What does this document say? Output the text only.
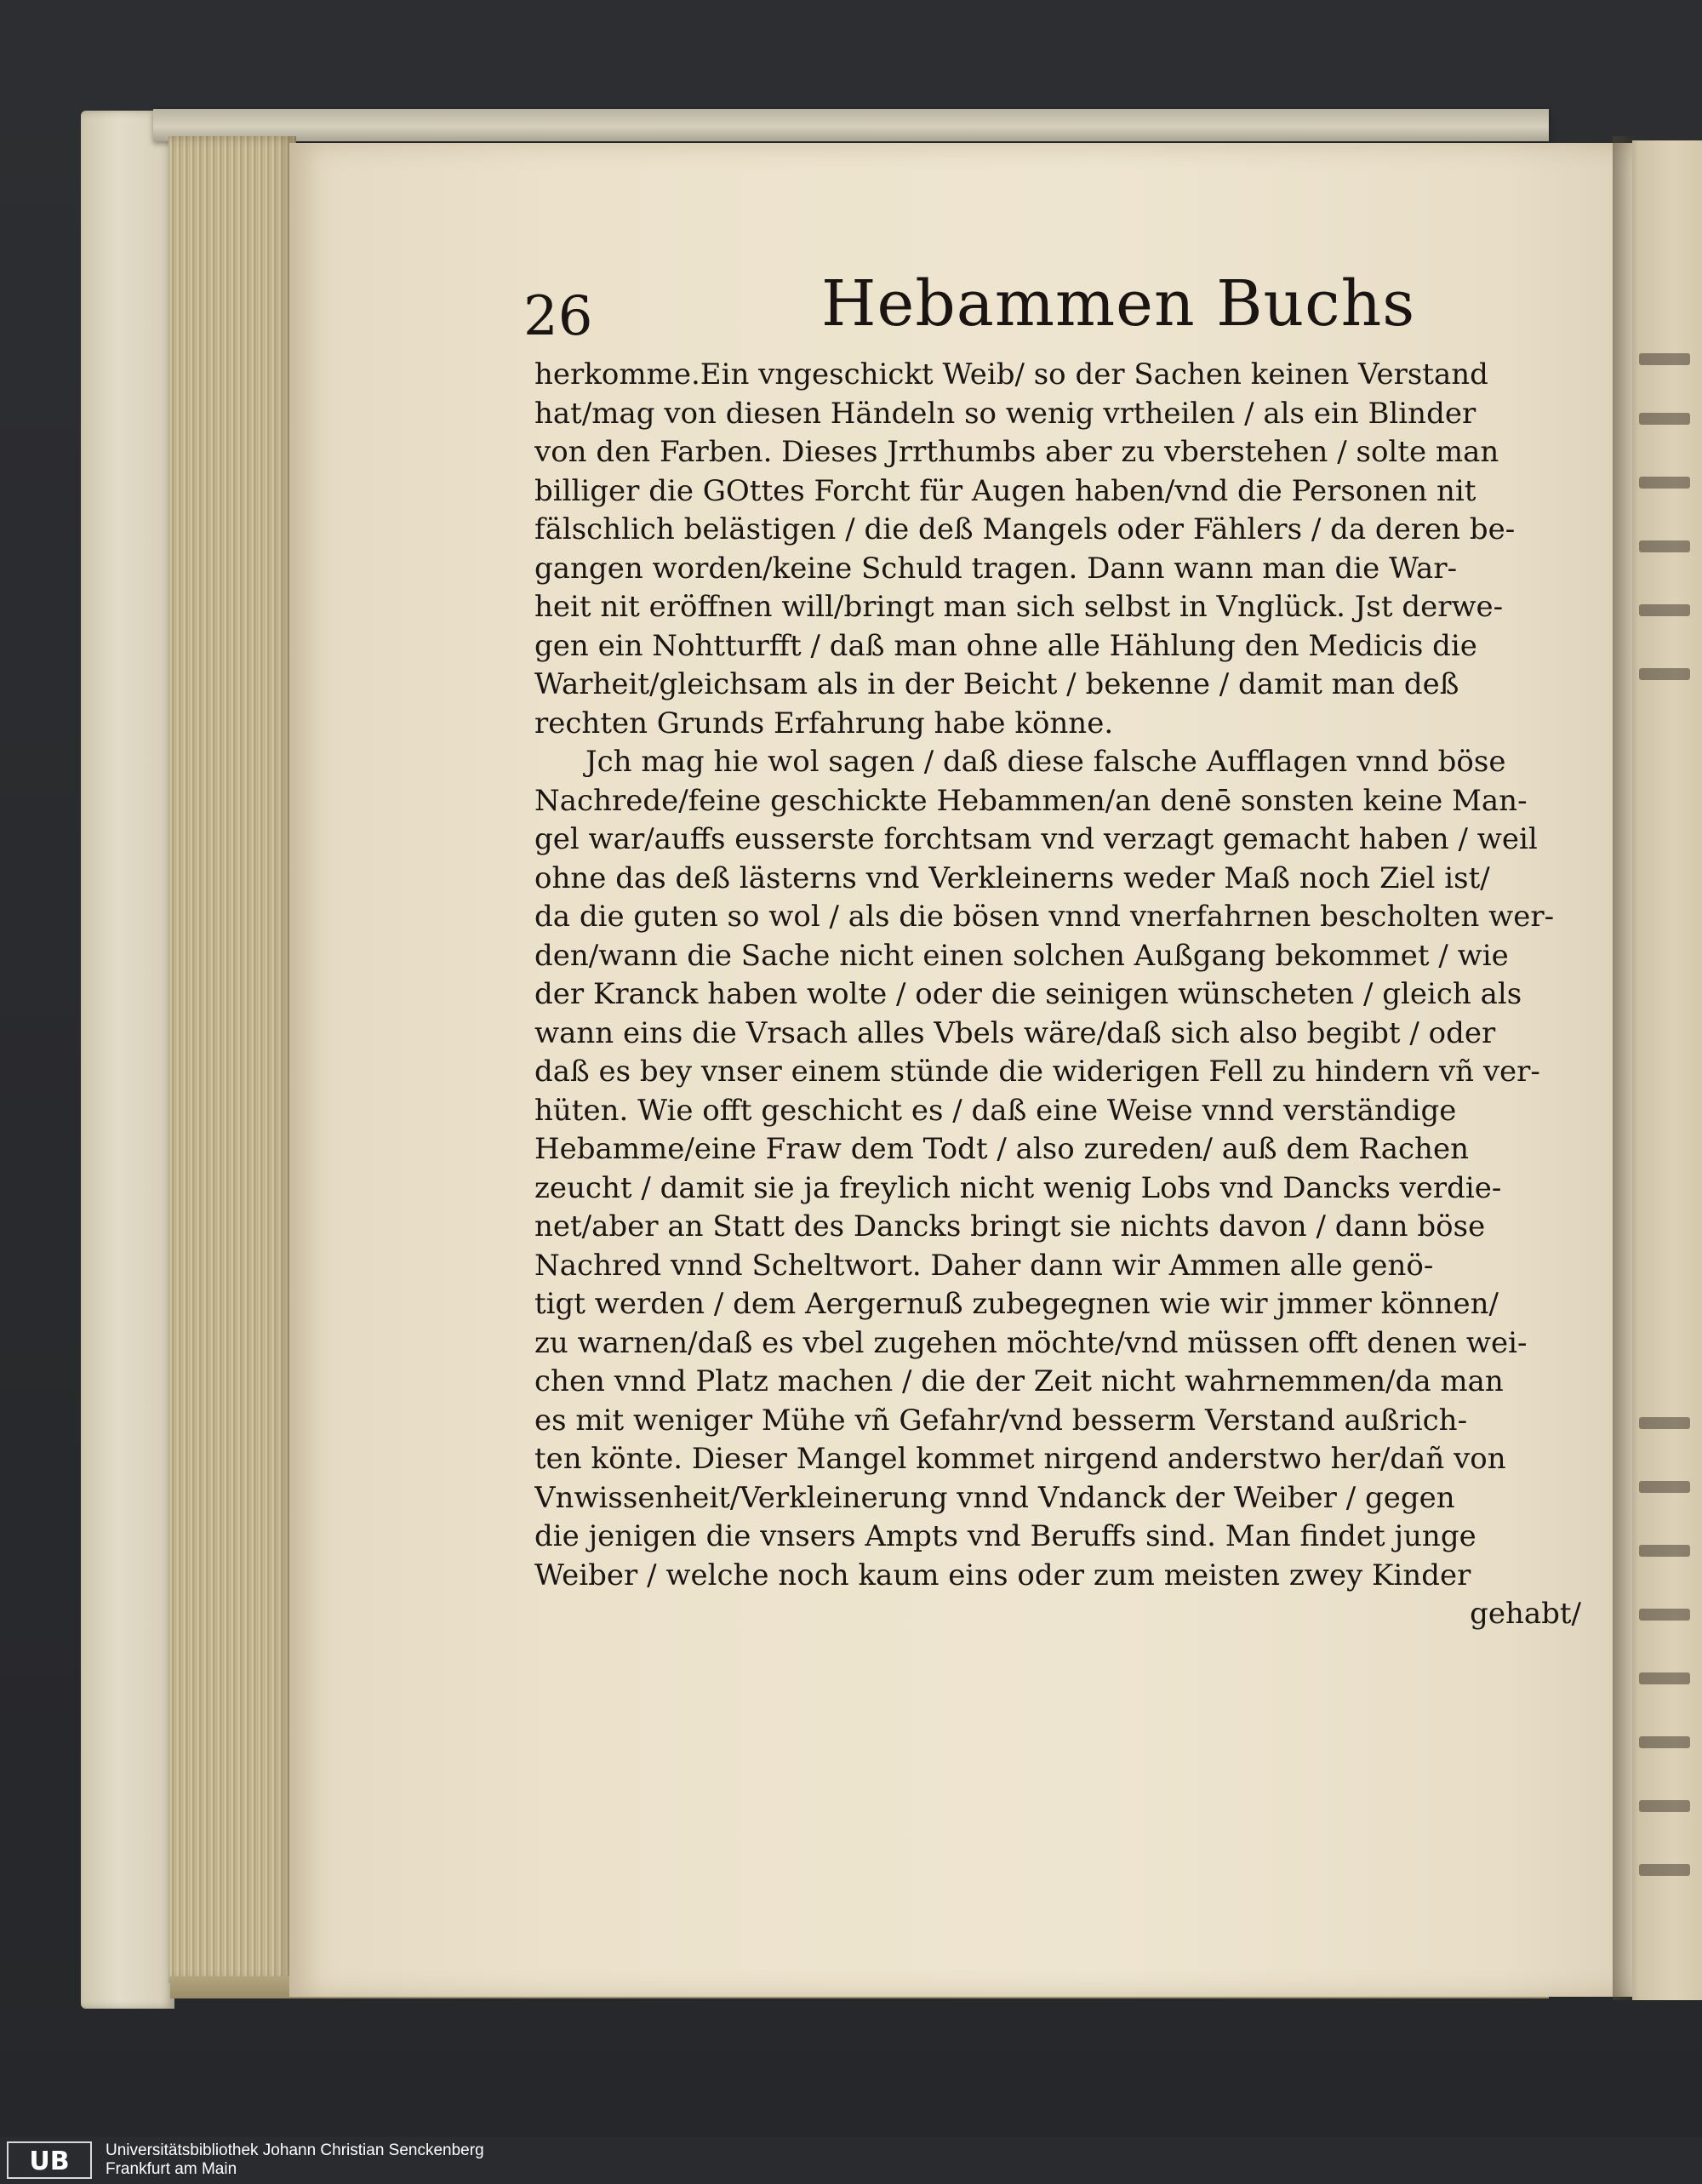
26	Hebammen Buchs
herkomme.Ein vngeschickt Weib/ so der Sachen keinen Verstand
hat/mag von diesen Händeln so wenig vrtheilen / als ein Blinder
von den Farben. Dieses Jrrthumbs aber zu vberstehen / solte man
billiger die GOttes Forcht für Augen haben/vnd die Personen nit
fälschlich belästigen / die deß Mangels oder Fählers / da deren be-
gangen worden/keine Schuld tragen. Dann wann man die War-
heit nit eröffnen will/bringt man sich selbst in Vnglück. Jst derwe-
gen ein Nohtturfft / daß man ohne alle Hählung den Medicis die
Warheit/gleichsam als in der Beicht / bekenne / damit man deß
rechten Grunds Erfahrung habe könne.
Jch mag hie wol sagen / daß diese falsche Aufflagen vnnd böse
Nachrede/feine geschickte Hebammen/an denē sonsten keine Man-
gel war/auffs eusserste forchtsam vnd verzagt gemacht haben / weil
ohne das deß lästerns vnd Verkleinerns weder Maß noch Ziel ist/
da die guten so wol / als die bösen vnnd vnerfahrnen bescholten wer-
den/wann die Sache nicht einen solchen Außgang bekommet / wie
der Kranck haben wolte / oder die seinigen wünscheten / gleich als
wann eins die Vrsach alles Vbels wäre/daß sich also begibt / oder
daß es bey vnser einem stünde die widerigen Fell zu hindern vñ ver-
hüten. Wie offt geschicht es / daß eine Weise vnnd verständige
Hebamme/eine Fraw dem Todt / also zureden/ auß dem Rachen
zeucht / damit sie ja freylich nicht wenig Lobs vnd Dancks verdie-
net/aber an Statt des Dancks bringt sie nichts davon / dann böse
Nachred vnnd Scheltwort. Daher dann wir Ammen alle genö-
tigt werden / dem Aergernuß zubegegnen wie wir jmmer können/
zu warnen/daß es vbel zugehen möchte/vnd müssen offt denen wei-
chen vnnd Platz machen / die der Zeit nicht wahrnemmen/da man
es mit weniger Mühe vñ Gefahr/vnd besserm Verstand außrich-
ten könte. Dieser Mangel kommet nirgend anderstwo her/dañ von
Vnwissenheit/Verkleinerung vnnd Vndanck der Weiber / gegen
die jenigen die vnsers Ampts vnd Beruffs sind. Man findet junge
Weiber / welche noch kaum eins oder zum meisten zwey Kinder
gehabt/
UB	Universitätsbibliothek Johann Christian Senckenberg
Frankfurt am Main
